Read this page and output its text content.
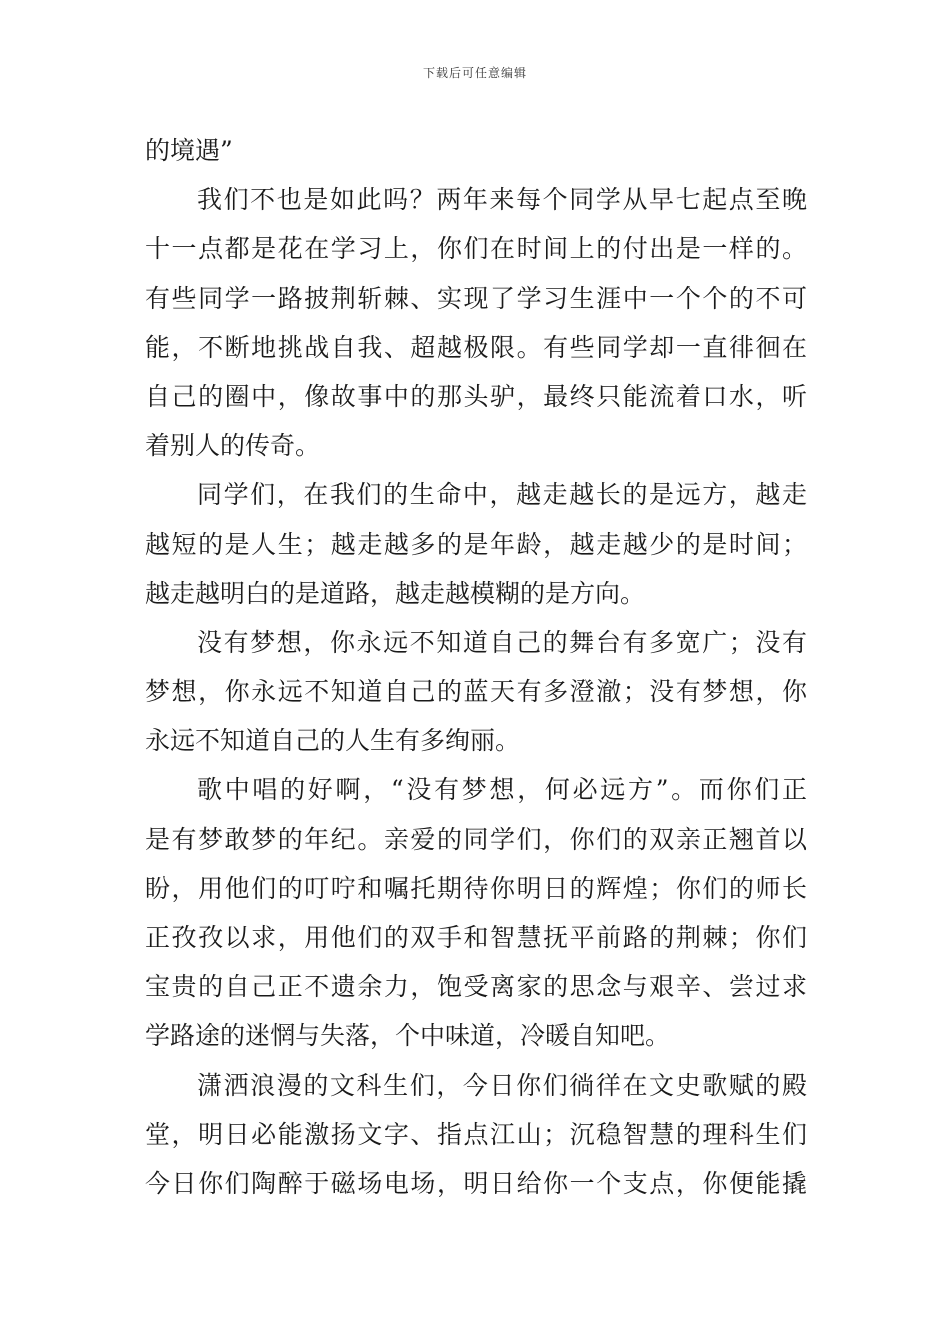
下载后可任意编辑
的境遇”
我们不也是如此吗？两年来每个同学从早七起点至晚
十一点都是花在学习上，你们在时间上的付出是一样的。
有些同学一路披荆斩棘、实现了学习生涯中一个个的不可
能，不断地挑战自我、超越极限。有些同学却一直徘徊在
自己的圈中，像故事中的那头驴，最终只能流着口水，听
着别人的传奇。
同学们，在我们的生命中，越走越长的是远方，越走
越短的是人生；越走越多的是年龄，越走越少的是时间；
越走越明白的是道路，越走越模糊的是方向。
没有梦想，你永远不知道自己的舞台有多宽广；没有
梦想，你永远不知道自己的蓝天有多澄澈；没有梦想，你
永远不知道自己的人生有多绚丽。
歌中唱的好啊，“没有梦想，何必远方”。而你们正
是有梦敢梦的年纪。亲爱的同学们，你们的双亲正翘首以
盼，用他们的叮咛和嘱托期待你明日的辉煌；你们的师长
正孜孜以求，用他们的双手和智慧抚平前路的荆棘；你们
宝贵的自己正不遗余力，饱受离家的思念与艰辛、尝过求
学路途的迷惘与失落，个中味道，冷暖自知吧。
潇洒浪漫的文科生们，今日你们徜徉在文史歌赋的殿
堂，明日必能激扬文字、指点江山；沉稳智慧的理科生们
今日你们陶醉于磁场电场，明日给你一个支点，你便能撬
